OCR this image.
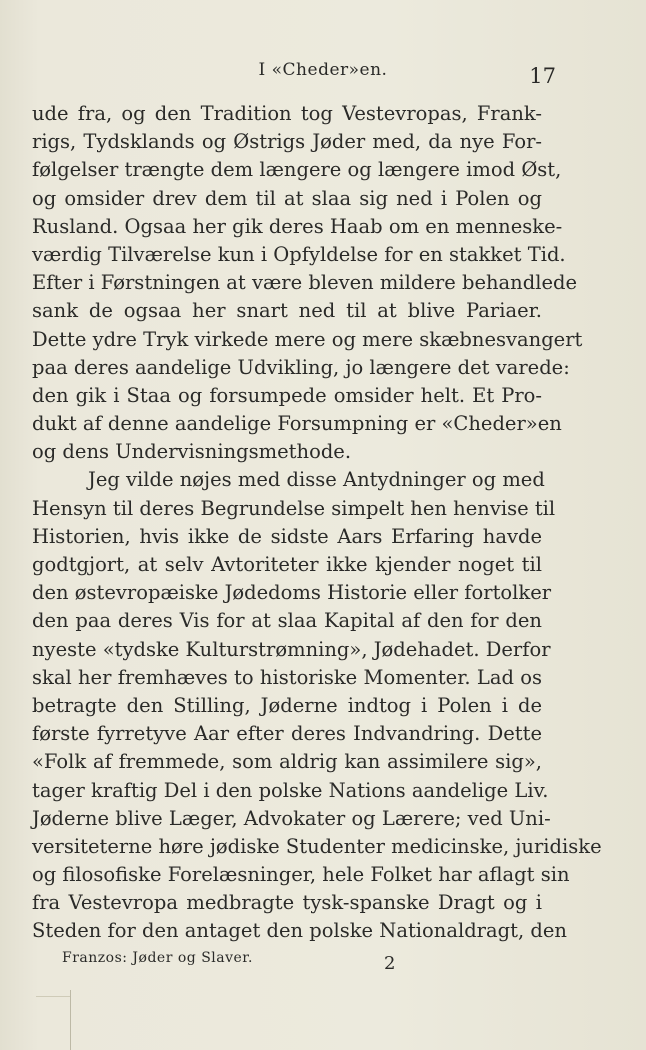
I «Cheder»en.	17
ude fra, og den Tradition tog Vestevropas, Frank-
rigs, Tydsklands og Østrigs Jøder med, da nye For-
følgelser trængte dem længere og længere imod Øst,
og omsider drev dem til at slaa sig ned i Polen og
Rusland. Ogsaa her gik deres Haab om en menneske-
værdig Tilværelse kun i Opfyldelse for en stakket Tid.
Efter i Førstningen at være bleven mildere behandlede
sank de ogsaa her snart ned til at blive Pariaer.
Dette ydre Tryk virkede mere og mere skæbnesvangert
paa deres aandelige Udvikling, jo længere det varede:
den gik i Staa og forsumpede omsider helt. Et Pro-
dukt af denne aandelige Forsumpning er «Cheder»en
og dens Undervisningsmethode.
Jeg vilde nøjes med disse Antydninger og med
Hensyn til deres Begrundelse simpelt hen henvise til
Historien, hvis ikke de sidste Aars Erfaring havde
godtgjort, at selv Avtoriteter ikke kjender noget til
den østevropæiske Jødedoms Historie eller fortolker
den paa deres Vis for at slaa Kapital af den for den
nyeste «tydske Kulturstrømning», Jødehadet. Derfor
skal her fremhæves to historiske Momenter. Lad os
betragte den Stilling, Jøderne indtog i Polen i de
første fyrretyve Aar efter deres Indvandring. Dette
«Folk af fremmede, som aldrig kan assimilere sig»,
tager kraftig Del i den polske Nations aandelige Liv.
Jøderne blive Læger, Advokater og Lærere; ved Uni-
versiteterne høre jødiske Studenter medicinske, juridiske
og filosofiske Forelæsninger, hele Folket har aflagt sin
fra Vestevropa medbragte tysk-spanske Dragt og i
Steden for den antaget den polske Nationaldragt, den
Franzos: Jøder og Slaver.	2
